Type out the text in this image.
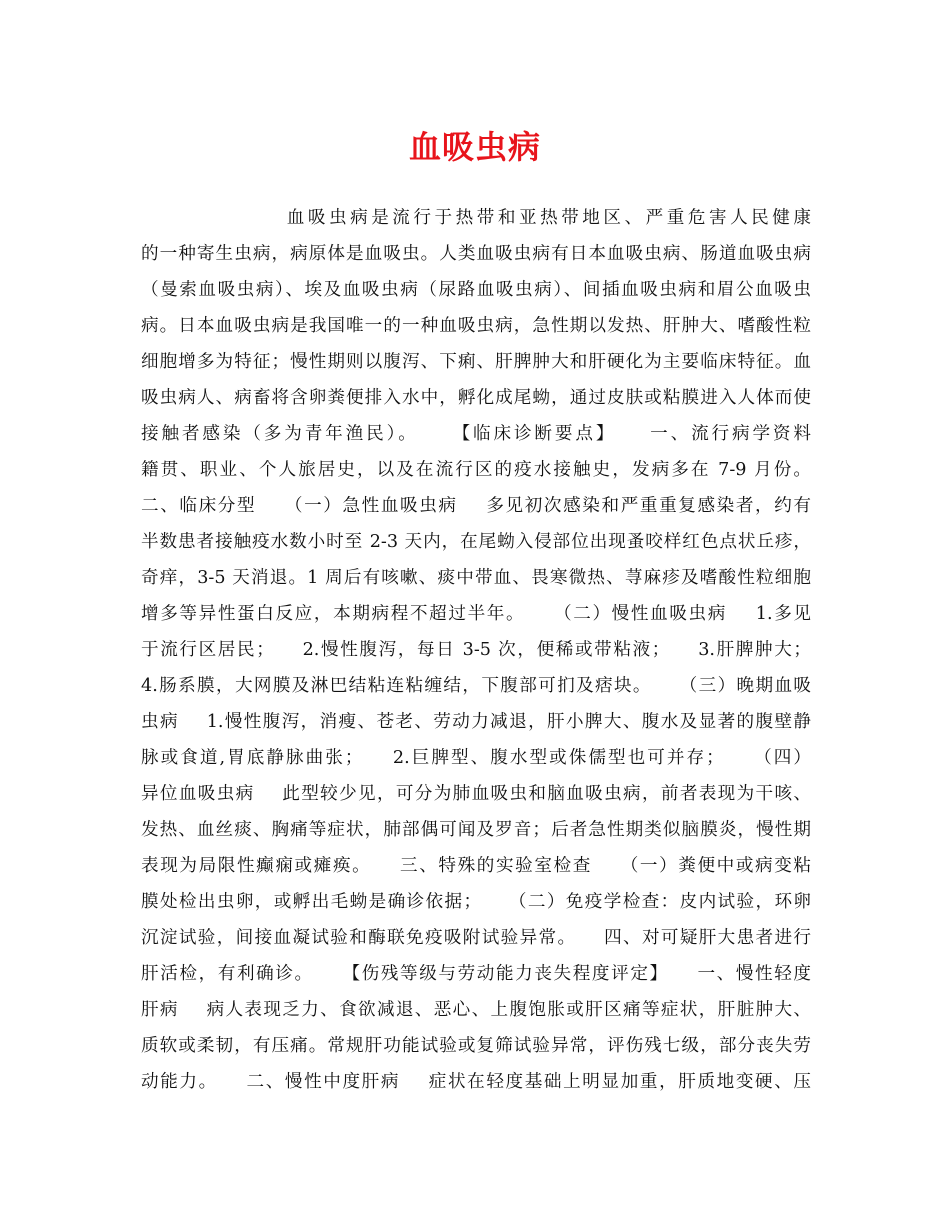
血吸虫病
血吸虫病是流行于热带和亚热带地区、严重危害人民健康
的一种寄生虫病，病原体是血吸虫。人类血吸虫病有日本血吸虫病、肠道血吸虫病
（曼索血吸虫病）、埃及血吸虫病（尿路血吸虫病）、间插血吸虫病和眉公血吸虫
病。日本血吸虫病是我国唯一的一种血吸虫病，急性期以发热、肝肿大、嗜酸性粒
细胞增多为特征；慢性期则以腹泻、下痢、肝脾肿大和肝硬化为主要临床特征。血
吸虫病人、病畜将含卵粪便排入水中，孵化成尾蚴，通过皮肤或粘膜进入人体而使
接触者感染（多为青年渔民）。    【临床诊断要点】    一、流行病学资料
籍贯、职业、个人旅居史，以及在流行区的疫水接触史，发病多在 7-9 月份。
二、临床分型    （一）急性血吸虫病    多见初次感染和严重重复感染者，约有
半数患者接触疫水数小时至 2-3 天内，在尾蚴入侵部位出现蚤咬样红色点状丘疹，
奇痒，3-5 天消退。1 周后有咳嗽、痰中带血、畏寒微热、荨麻疹及嗜酸性粒细胞
增多等异性蛋白反应，本期病程不超过半年。    （二）慢性血吸虫病    1.多见
于流行区居民；    2.慢性腹泻，每日 3-5 次，便稀或带粘液；    3.肝脾肿大；
4.肠系膜，大网膜及淋巴结粘连粘缠结，下腹部可扪及痞块。    （三）晚期血吸
虫病    1.慢性腹泻，消瘦、苍老、劳动力减退，肝小脾大、腹水及显著的腹壁静
脉或食道,胃底静脉曲张；    2.巨脾型、腹水型或侏儒型也可并存；    （四）
异位血吸虫病    此型较少见，可分为肺血吸虫和脑血吸虫病，前者表现为干咳、
发热、血丝痰、胸痛等症状，肺部偶可闻及罗音；后者急性期类似脑膜炎，慢性期
表现为局限性癫痫或瘫痪。    三、特殊的实验室检查    （一）粪便中或病变粘
膜处检出虫卵，或孵出毛蚴是确诊依据；    （二）免疫学检查：皮内试验，环卵
沉淀试验，间接血凝试验和酶联免疫吸附试验异常。    四、对可疑肝大患者进行
肝活检，有利确诊。    【伤残等级与劳动能力丧失程度评定】    一、慢性轻度
肝病    病人表现乏力、食欲减退、恶心、上腹饱胀或肝区痛等症状，肝脏肿大、
质软或柔韧，有压痛。常规肝功能试验或复筛试验异常，评伤残七级，部分丧失劳
动能力。    二、慢性中度肝病    症状在轻度基础上明显加重，肝质地变硬、压
